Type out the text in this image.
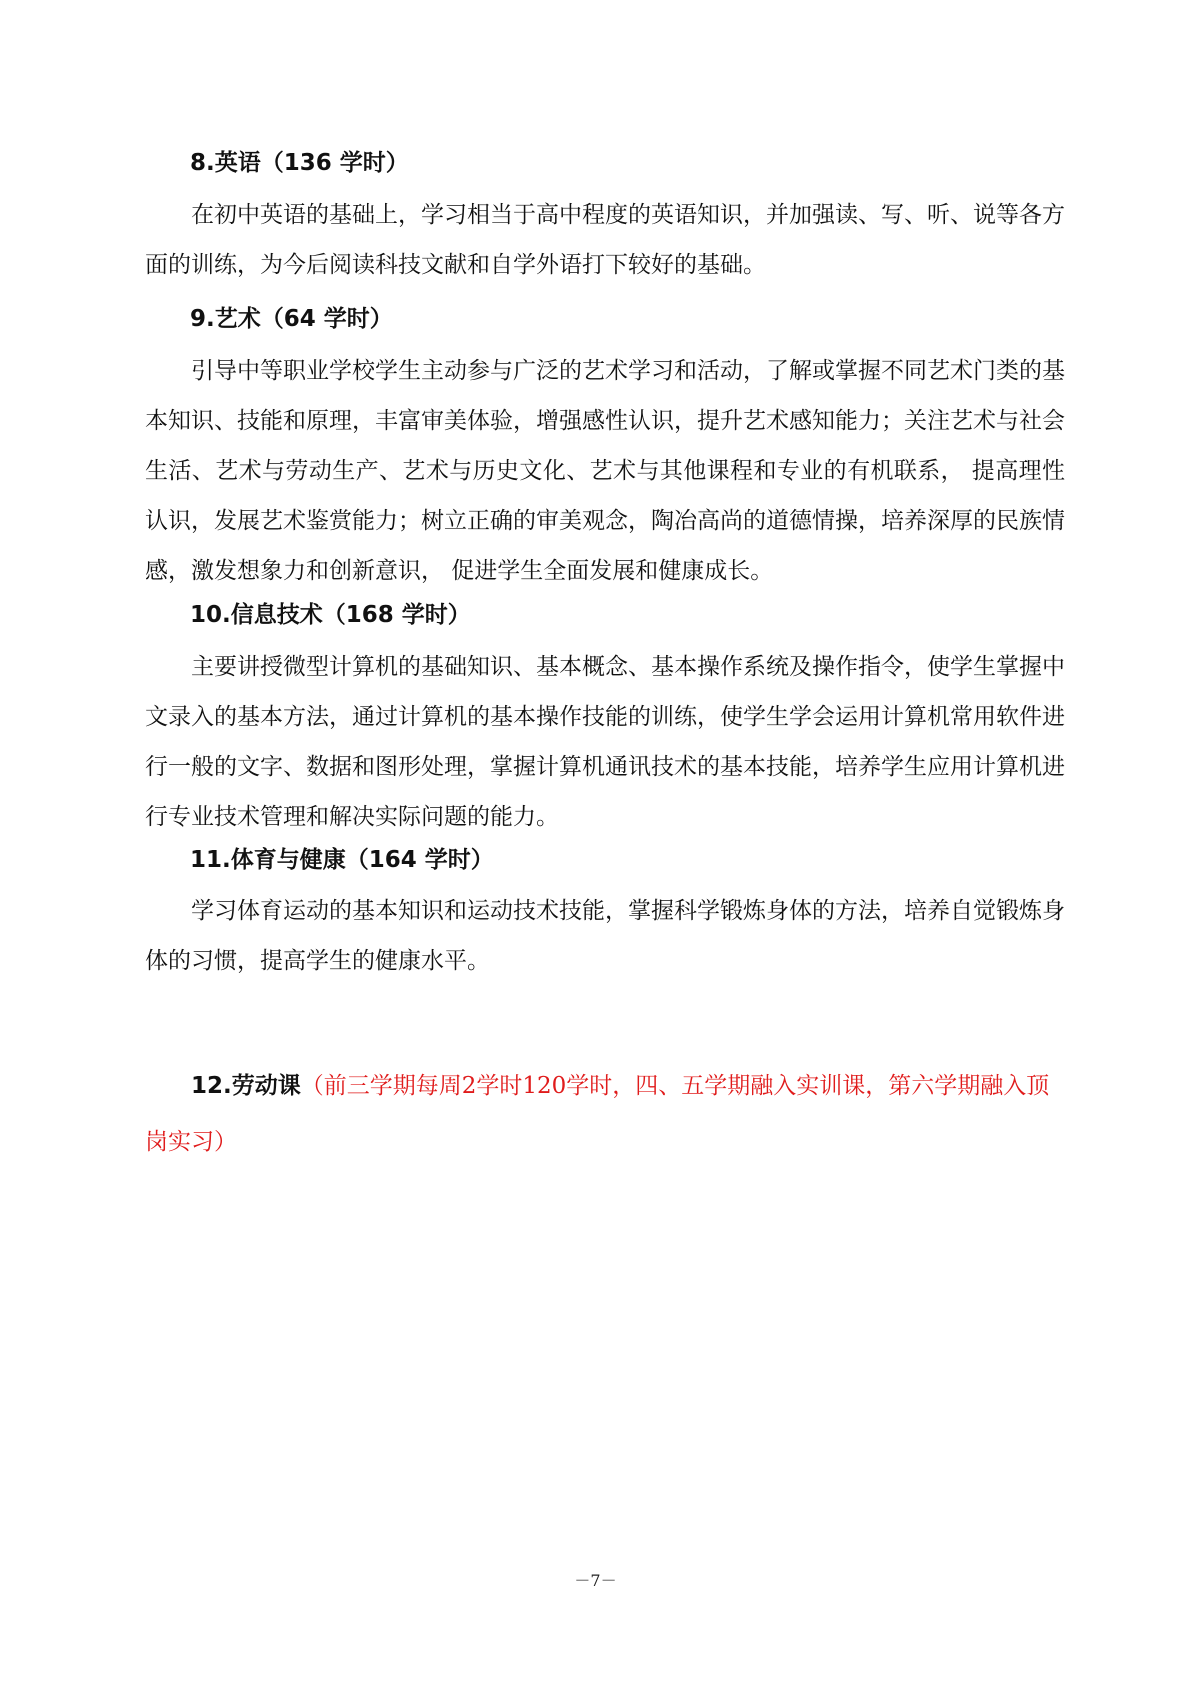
8.英语（136 学时）

在初中英语的基础上，学习相当于高中程度的英语知识，并加强读、写、听、说等各方面的训练，为今后阅读科技文献和自学外语打下较好的基础。

9.艺术（64 学时）

引导中等职业学校学生主动参与广泛的艺术学习和活动，了解或掌握不同艺术门类的基本知识、技能和原理，丰富审美体验，增强感性认识，提升艺术感知能力；关注艺术与社会生活、艺术与劳动生产、艺术与历史文化、艺术与其他课程和专业的有机联系， 提高理性认识，发展艺术鉴赏能力；树立正确的审美观念，陶冶高尚的道德情操，培养深厚的民族情感，激发想象力和创新意识， 促进学生全面发展和健康成长。

10.信息技术（168 学时）

主要讲授微型计算机的基础知识、基本概念、基本操作系统及操作指令，使学生掌握中文录入的基本方法，通过计算机的基本操作技能的训练，使学生学会运用计算机常用软件进行一般的文字、数据和图形处理，掌握计算机通讯技术的基本技能，培养学生应用计算机进行专业技术管理和解决实际问题的能力。

11.体育与健康（164 学时）

学习体育运动的基本知识和运动技术技能，掌握科学锻炼身体的方法，培养自觉锻炼身体的习惯，提高学生的健康水平。

12.劳动课（前三学期每周2学时120学时，四、五学期融入实训课，第六学期融入顶岗实习）

－7－
